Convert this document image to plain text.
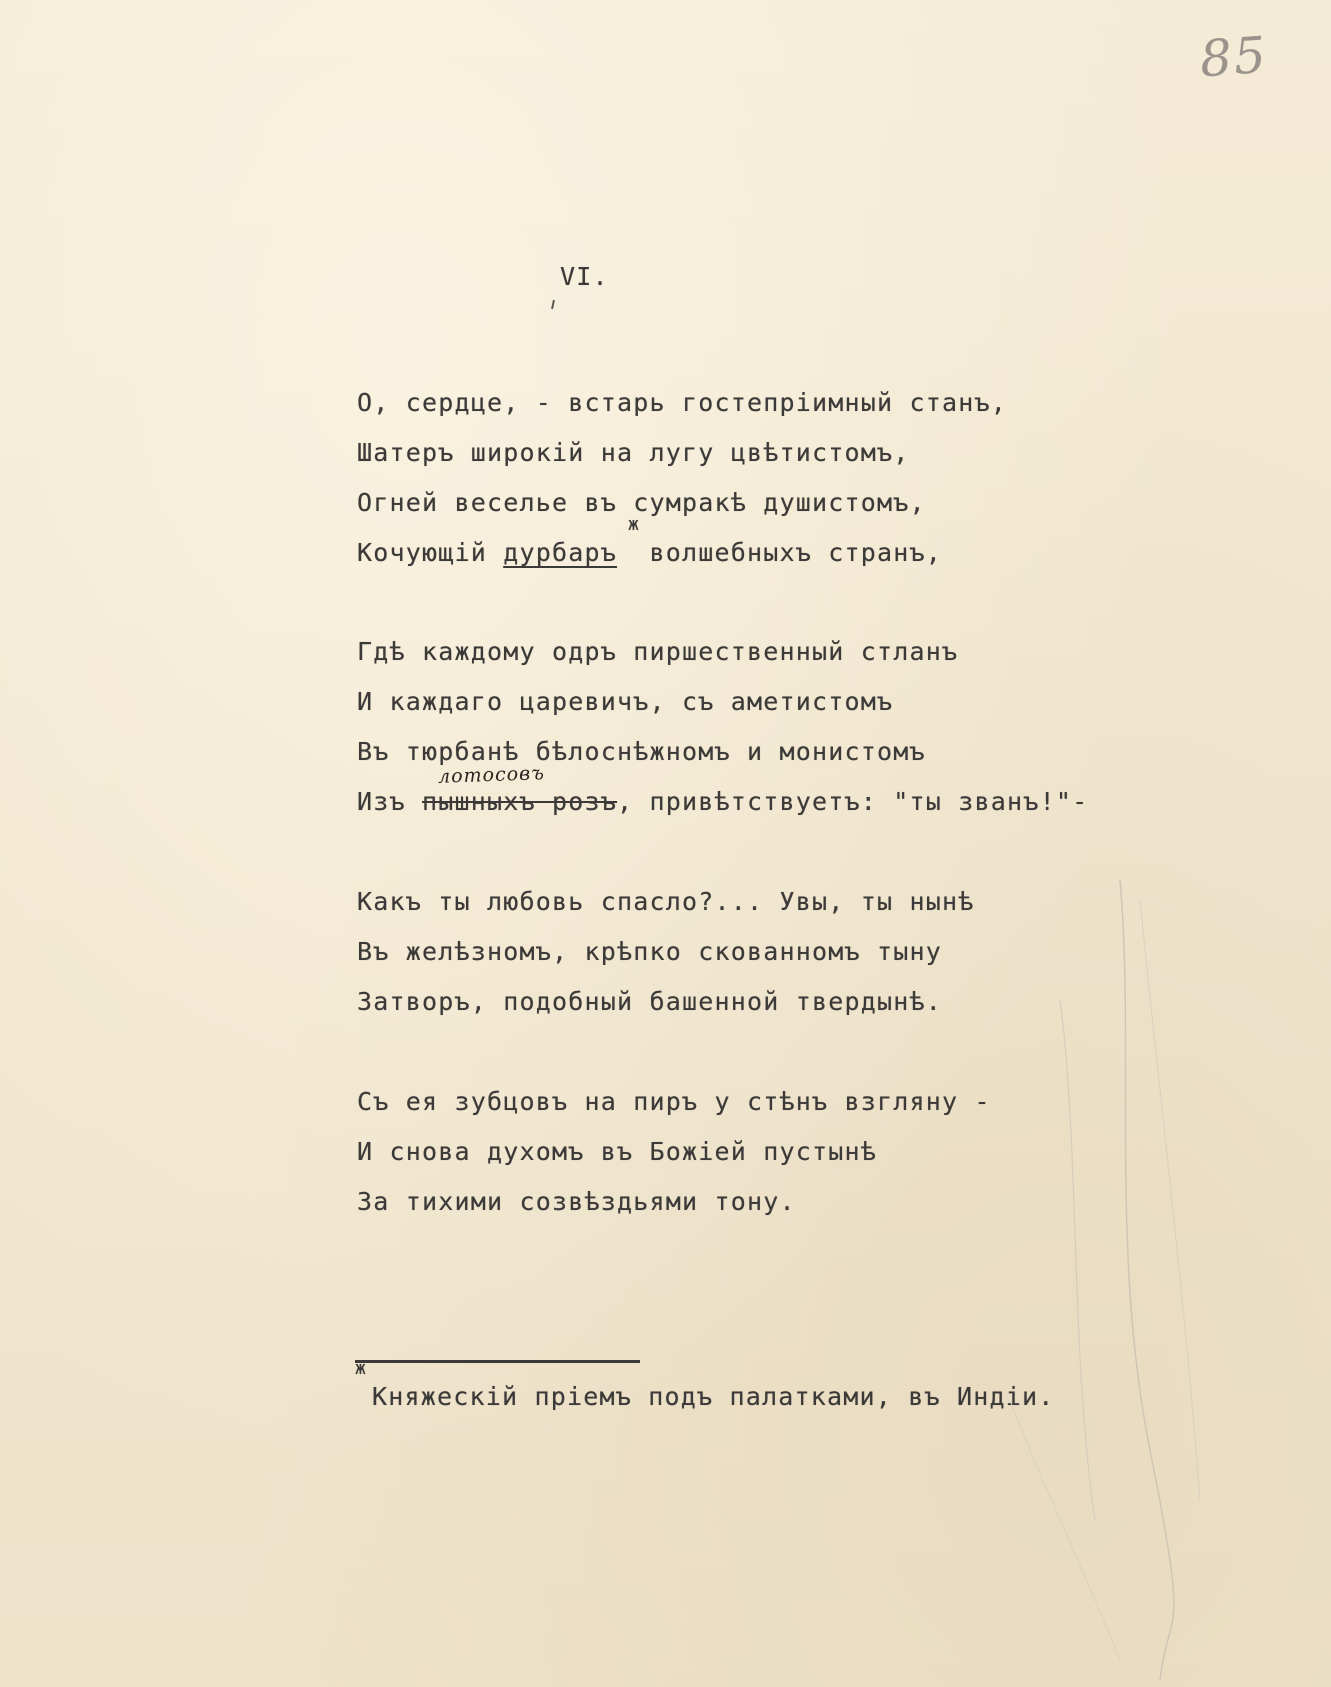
85
VI.
О, сердце, - встарь гостепрiимный станъ,
Шатеръ широкiй на лугу цвѣтистомъ,
Огней веселье въ сумракѣ душистомъ,
ж
Кочующiй дурбаръ  волшебныхъ странъ,
Гдѣ каждому одръ пиршественный стланъ
И каждаго царевичъ, съ аметистомъ
Въ тюрбанѣ бѣлоснѣжномъ и монистомъ
лотосовъ
Изъ пышныхъ розъ, привѣтствуетъ: "ты званъ!"-
Какъ ты любовь спасло?... Увы, ты нынѣ
Въ желѣзномъ, крѣпко скованномъ тыну
Затворъ, подобный башенной твердынѣ.
Съ ея зубцовъ на пиръ у стѣнъ взгляну -
И снова духомъ въ Божiей пустынѣ
За тихими созвѣздьями тону.
ж
Княжескiй прiемъ подъ палатками, въ Индiи.
